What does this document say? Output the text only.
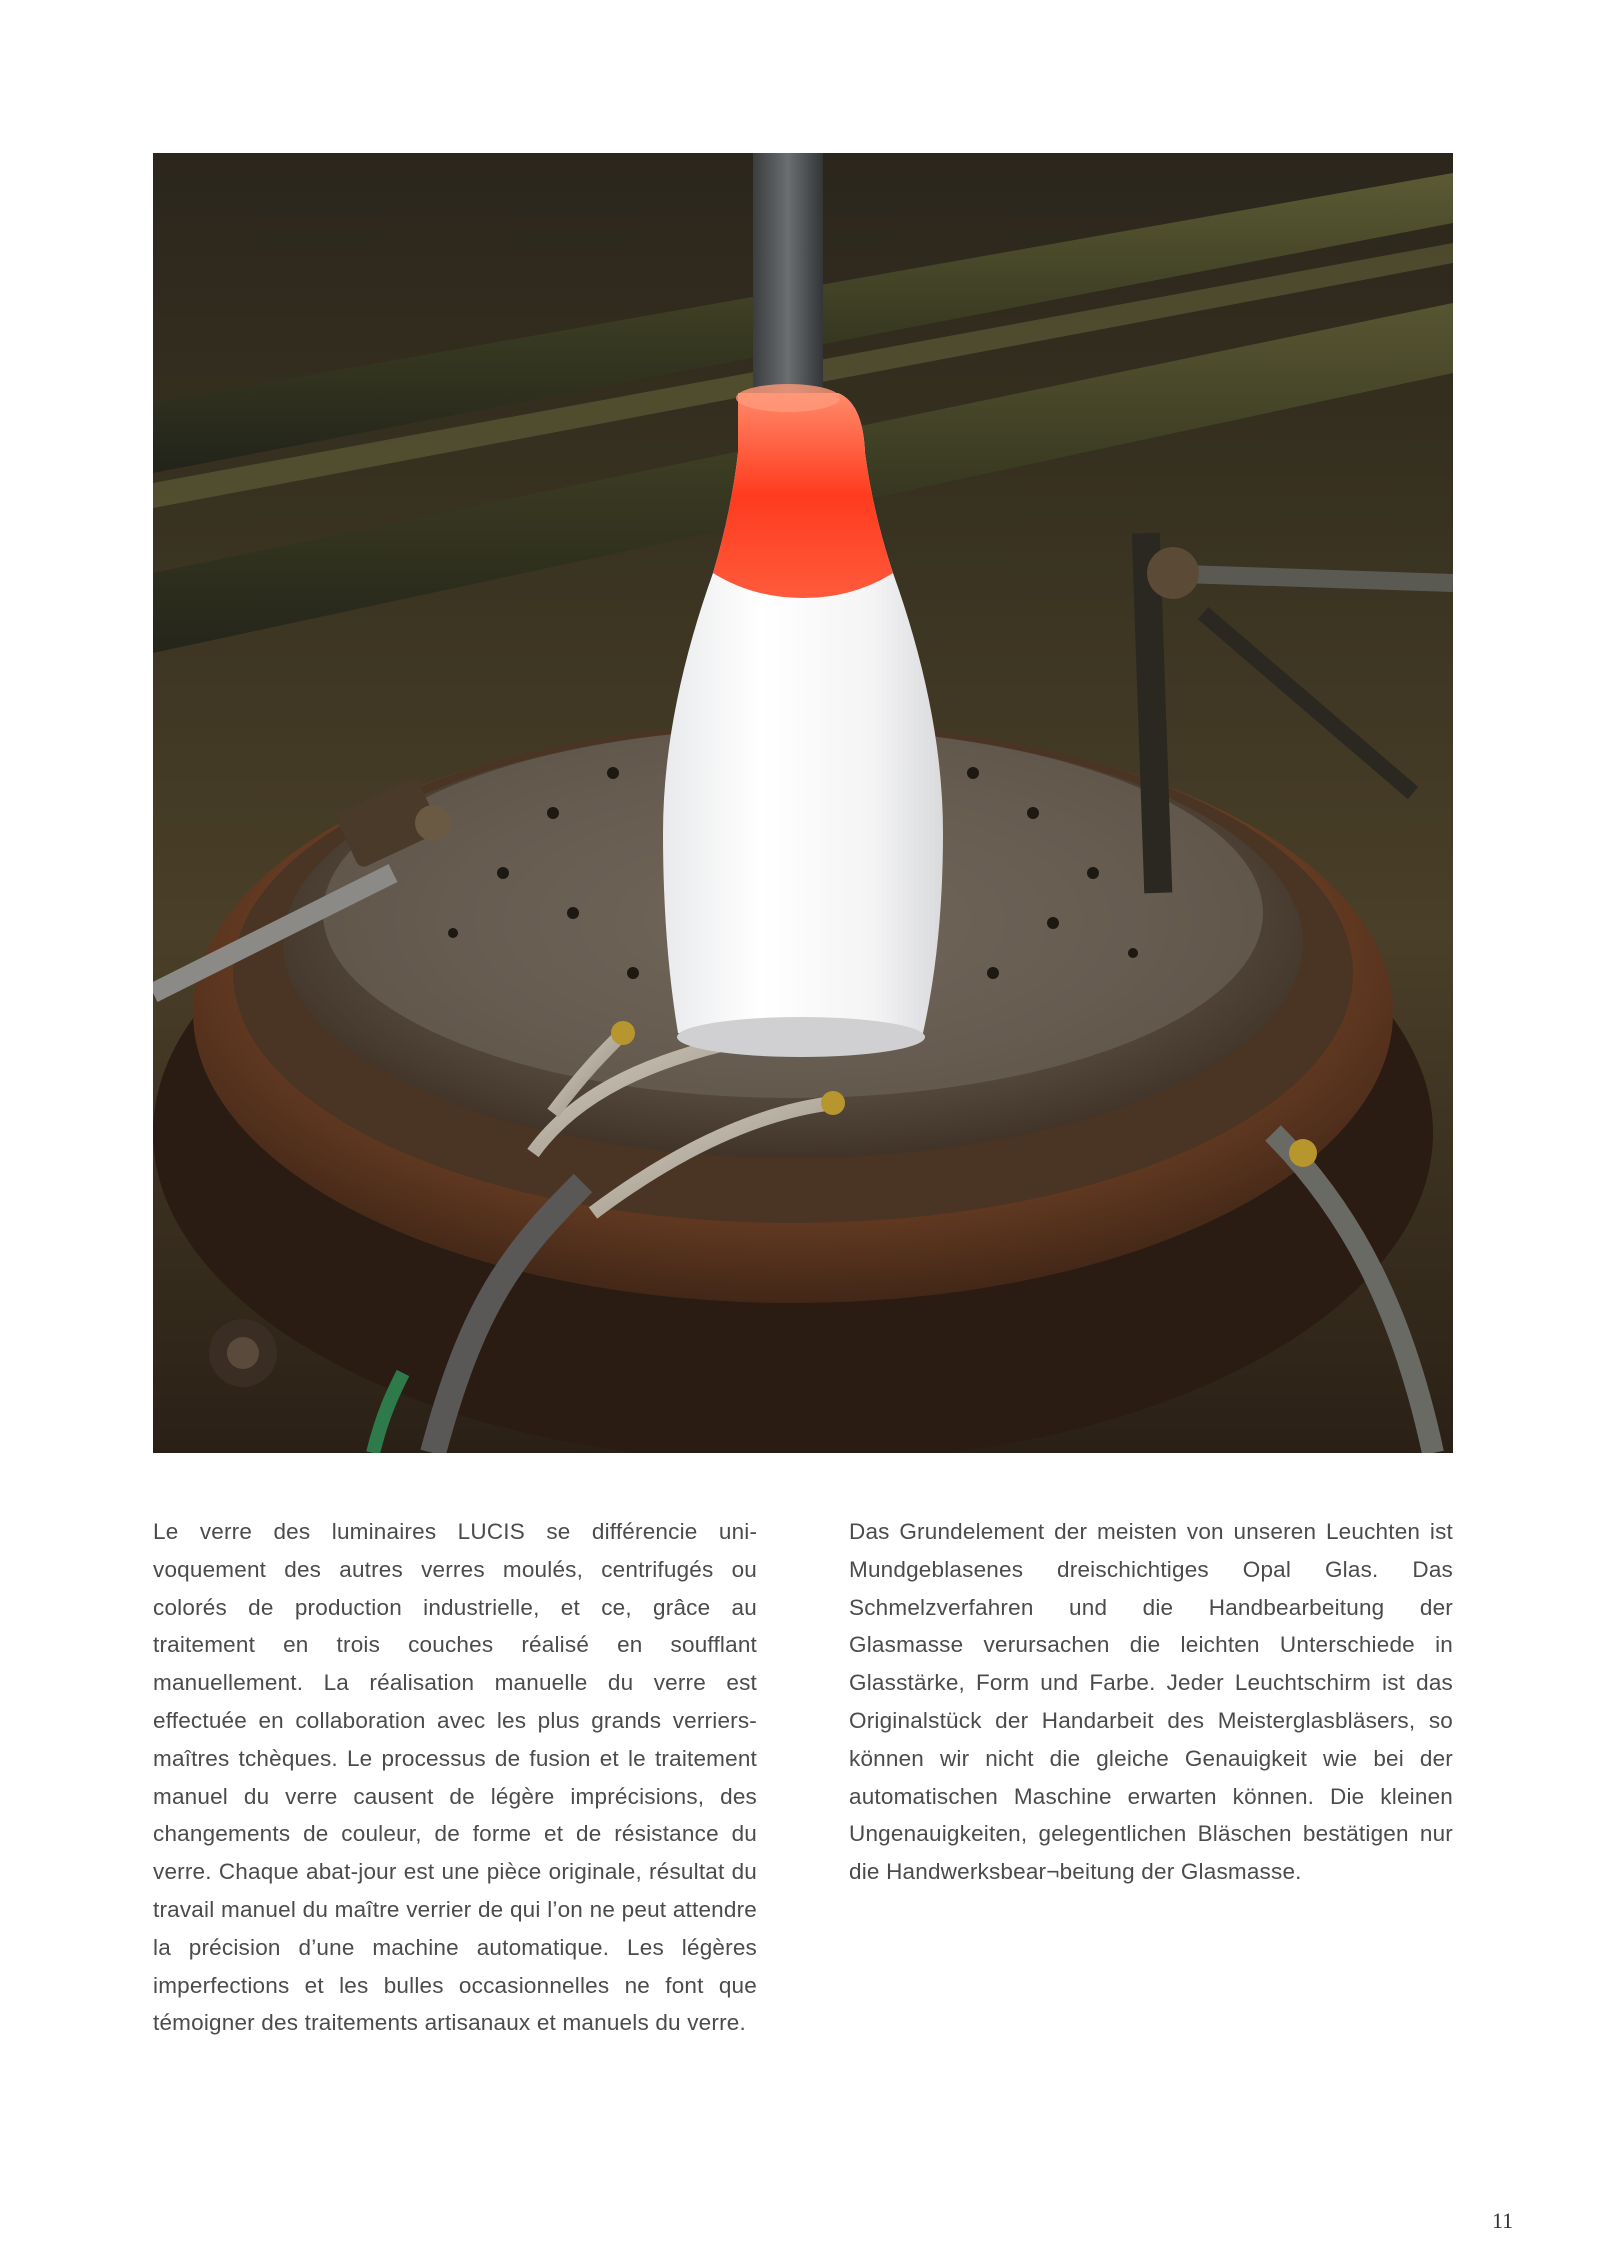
Le verre des luminaires LUCIS se différencie univoquement des autres verres moulés, centrifugés ou colorés de production industrielle, et ce, grâce au traitement en trois couches réalisé en soufflant manuellement. La réalisation manuelle du verre est effectuée en collaboration avec les plus grands verriers-maîtres tchèques. Le processus de fusion et le traitement manuel du verre causent de légère imprécisions, des changements de couleur, de forme et de résistance du verre. Chaque abat-jour est une pièce originale, résultat du travail manuel du maître verrier de qui l’on ne peut attendre la précision d’une machine automatique. Les légères imperfections et les bulles occasionnelles ne font que témoigner des traitements artisanaux et manuels du verre.
Das Grundelement der meisten von unseren Leuchten ist Mundgeblasenes dreischichtiges Opal Glas. Das Schmelzverfahren und die Handbearbeitung der Glasmasse verursachen die leichten Unterschiede in Glasstärke, Form und Farbe. Jeder Leuchtschirm ist das Originalstück der Handarbeit des Meisterglasbläsers, so können wir nicht die gleiche Genauigkeit wie bei der automatischen Maschine erwarten können. Die kleinen Ungenauigkeiten, gelegentlichen Bläschen bestätigen nur die Handwerksbear¬beitung der Glasmasse.
11
